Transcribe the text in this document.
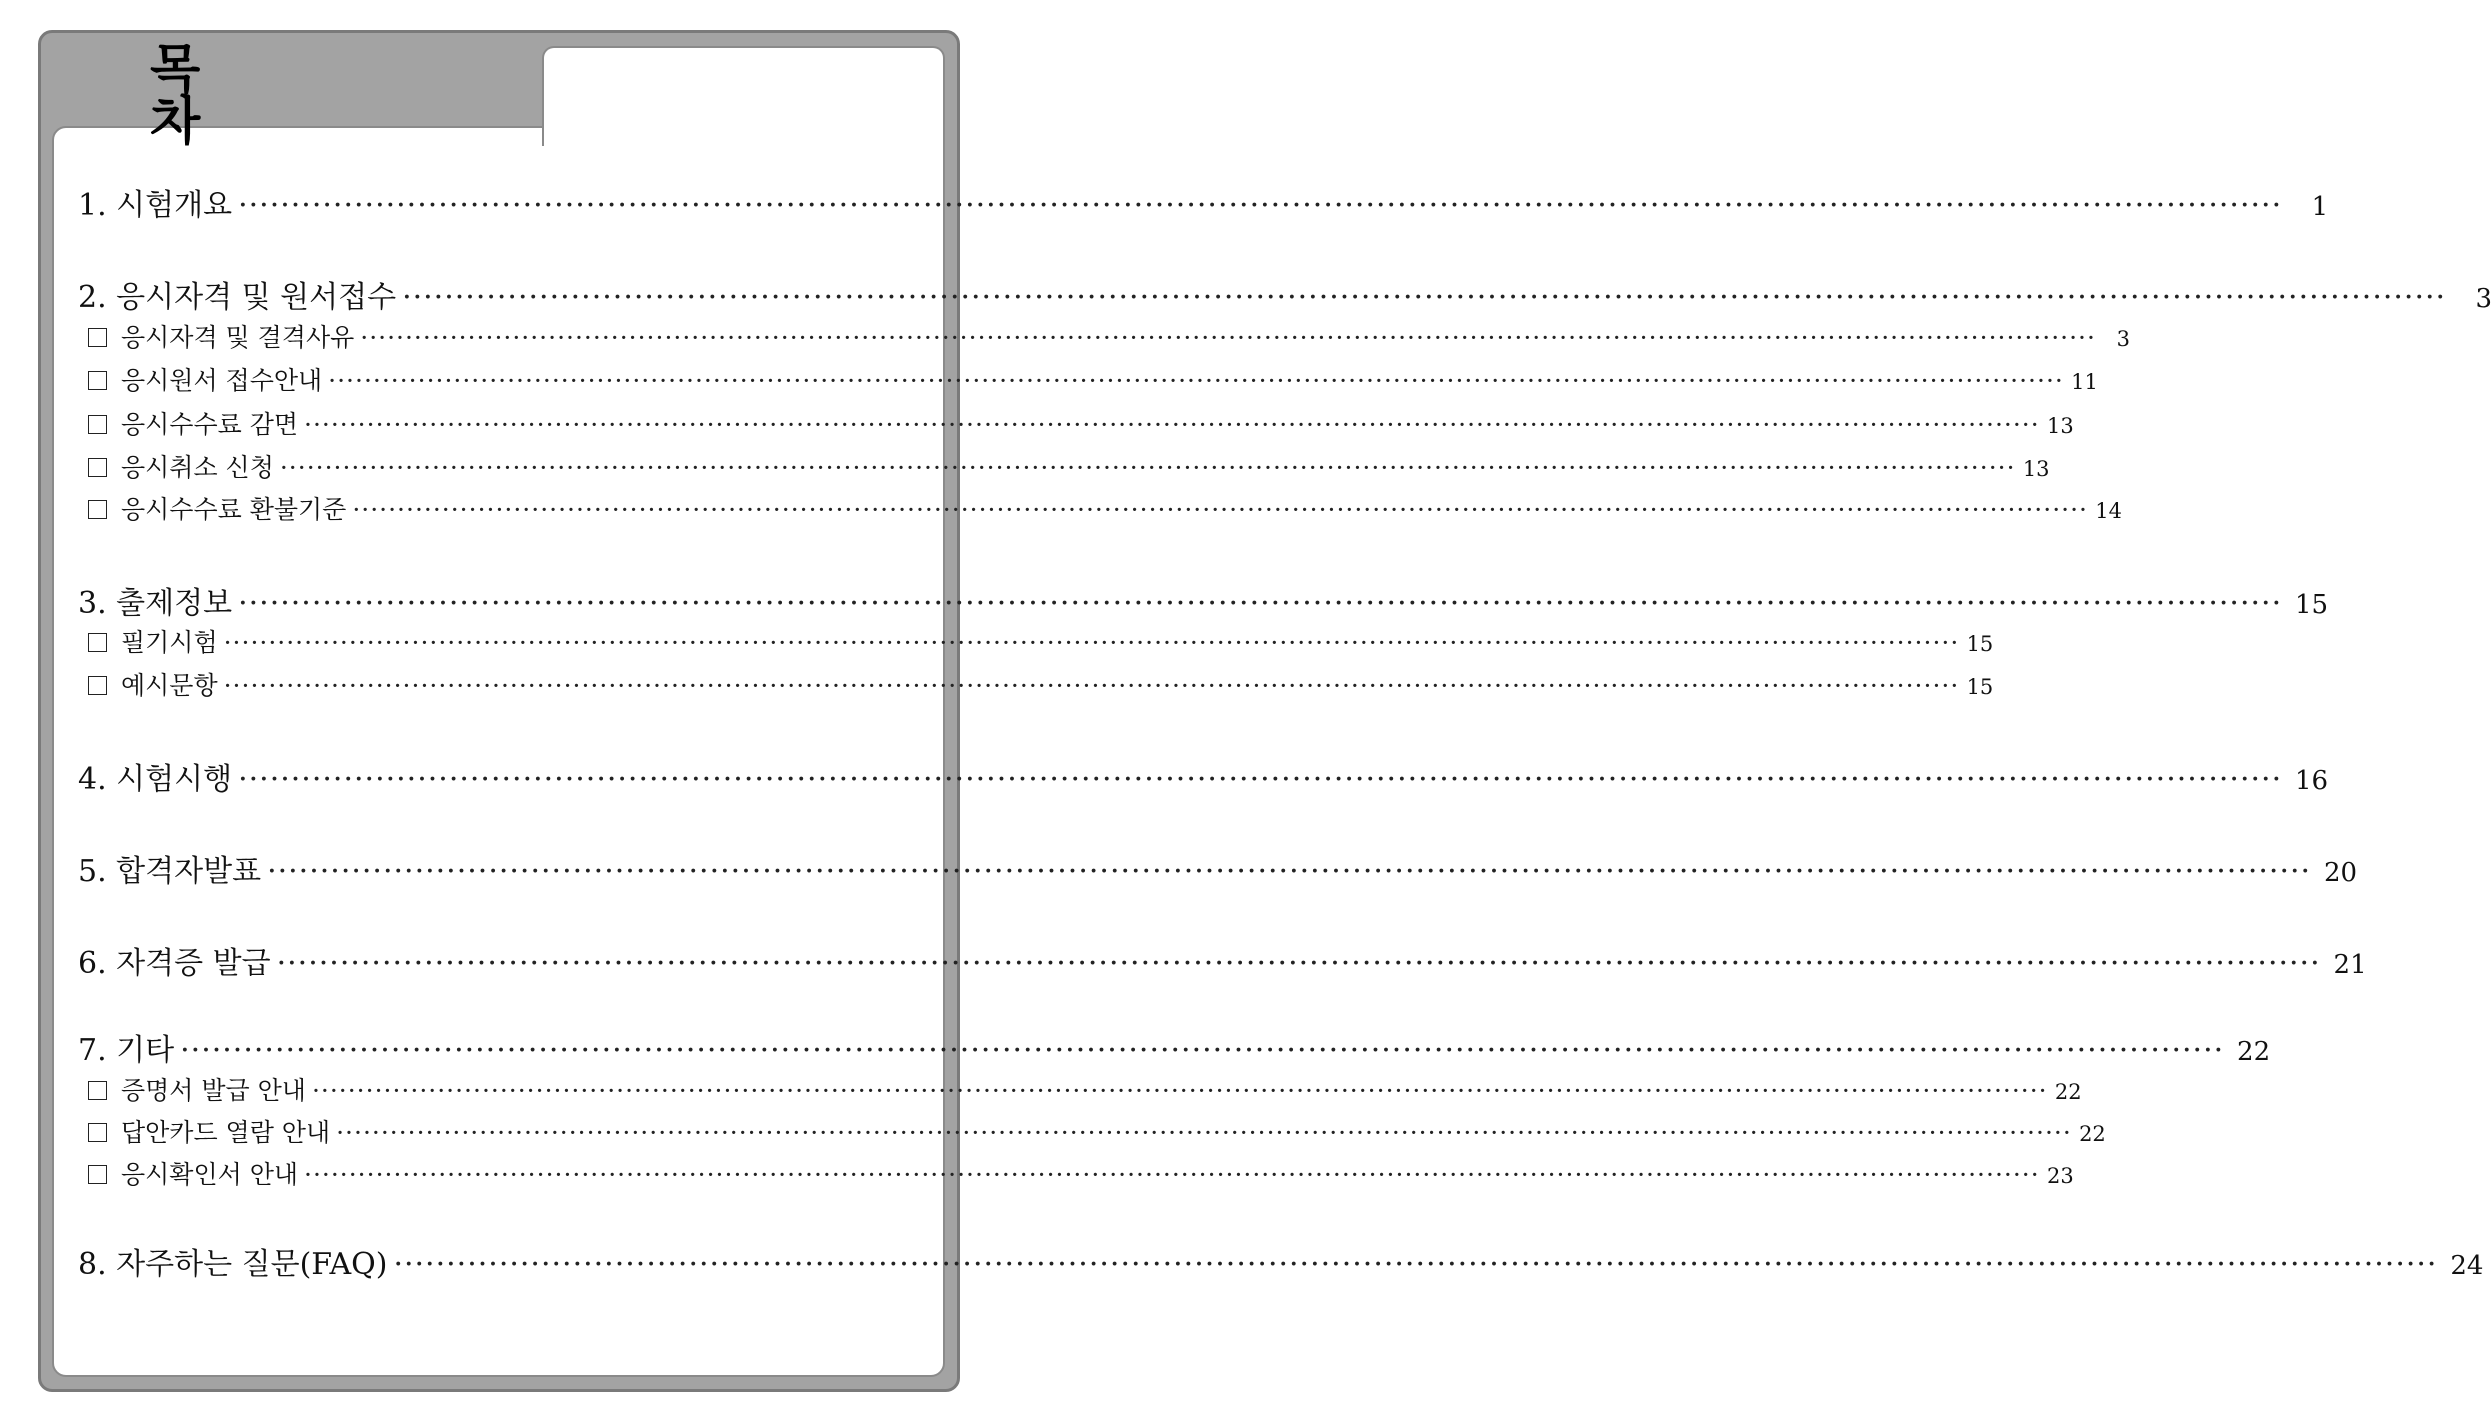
목 차
1. 시험개요 ··································································································································································································	1
2. 응시자격 및 원서접수 ··································································································································································································	3
응시자격 및 결격사유 ·································································································································································································· 3
응시원서 접수안내 ·································································································································································································· 11
응시수수료 감면 ·································································································································································································· 13
응시취소 신청 ·································································································································································································· 13
응시수수료 환불기준 ·································································································································································································· 14
3. 출제정보 ·································································································································································································· 15
필기시험 ·································································································································································································· 15
예시문항 ·································································································································································································· 15
4. 시험시행 ·································································································································································································· 16
5. 합격자발표 ·································································································································································································· 20
6. 자격증 발급 ·································································································································································································· 21
7. 기타 ·································································································································································································· 22
증명서 발급 안내 ·································································································································································································· 22
답안카드 열람 안내 ·································································································································································································· 22
응시확인서 안내 ·································································································································································································· 23
8. 자주하는 질문(FAQ) ·································································································································································································· 24
